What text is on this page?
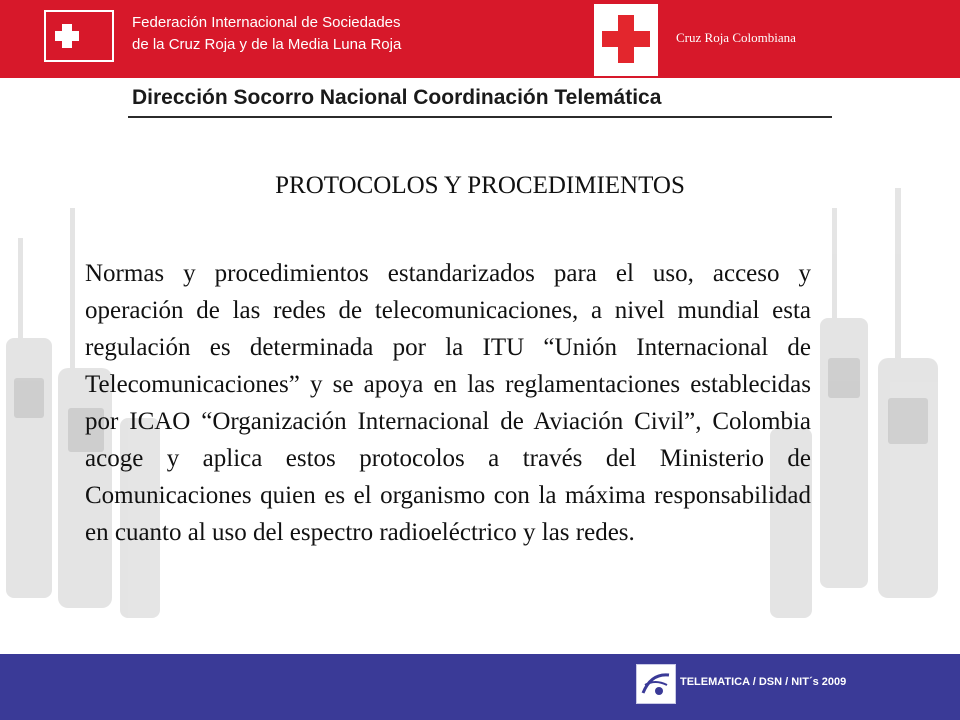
Federación Internacional de Sociedades
de la Cruz Roja y de la Media Luna Roja	Cruz Roja Colombiana
Dirección Socorro Nacional Coordinación Telemática
PROTOCOLOS Y PROCEDIMIENTOS
Normas y procedimientos estandarizados para el uso, acceso y operación de las redes de telecomunicaciones, a nivel mundial esta regulación es determinada por la ITU “Unión Internacional de Telecomunicaciones” y se apoya en las reglamentaciones establecidas por ICAO “Organización Internacional de Aviación Civil”, Colombia acoge y aplica estos protocolos a través del Ministerio de Comunicaciones quien es el organismo con la máxima responsabilidad en cuanto al uso del espectro radioeléctrico y las redes.
TELEMATICA / DSN / NIT´s 2009
